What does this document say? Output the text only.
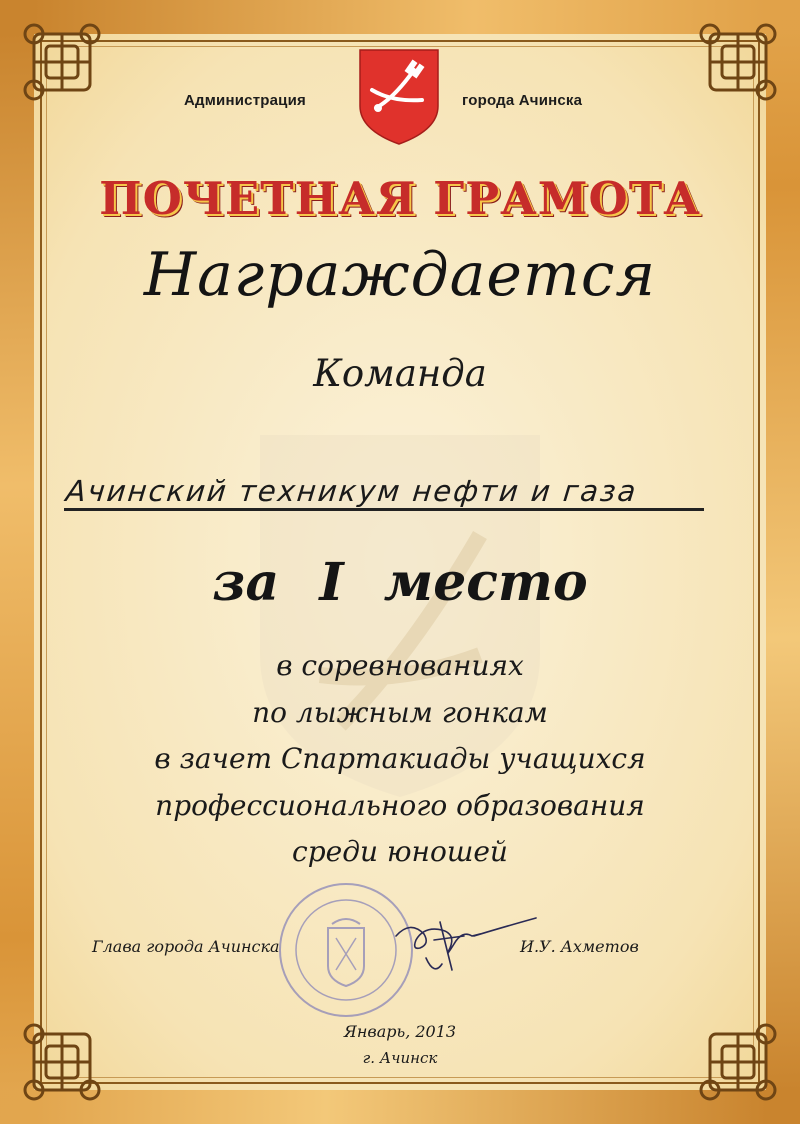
Администрация	города Ачинска
ПОЧЕТНАЯ ГРАМОТА
Награждается
Команда
Ачинский техникум нефти и газа
за I место
в соревнованиях
по лыжным гонкам
в зачет Спартакиады учащихся
профессионального образования
среди юношей
Глава города Ачинска	И.У. Ахметов
Январь, 2013
г. Ачинск
